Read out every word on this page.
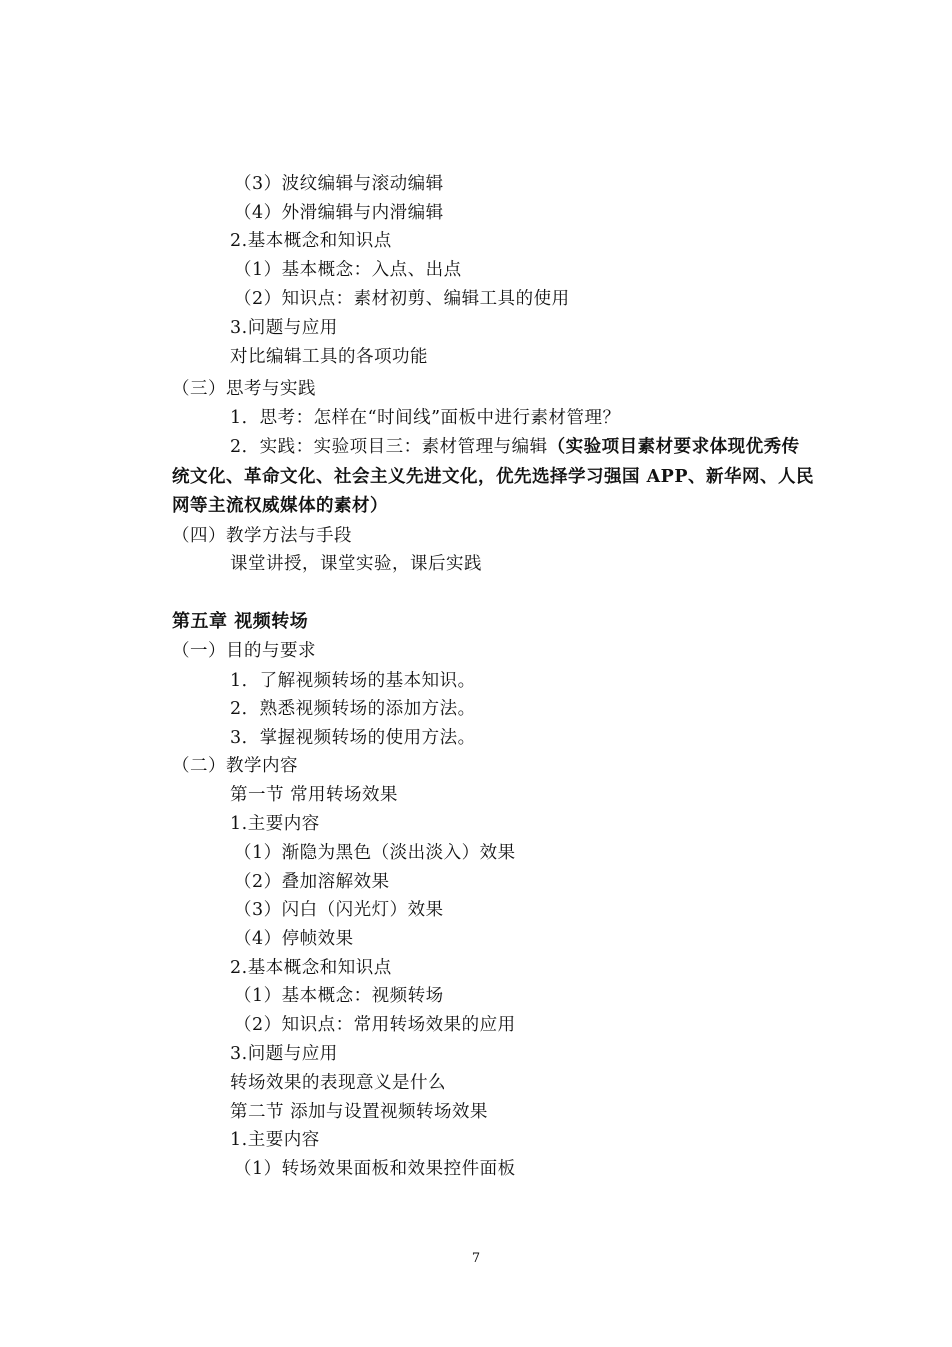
（3）波纹编辑与滚动编辑
（4）外滑编辑与内滑编辑
2.基本概念和知识点
（1）基本概念：入点、出点
（2）知识点：素材初剪、编辑工具的使用
3.问题与应用
对比编辑工具的各项功能
（三）思考与实践
1．思考：怎样在“时间线”面板中进行素材管理？
2．实践：实验项目三：素材管理与编辑（实验项目素材要求体现优秀传
统文化、革命文化、社会主义先进文化，优先选择学习强国 APP、新华网、人民
网等主流权威媒体的素材）
（四）教学方法与手段
课堂讲授，课堂实验，课后实践
第五章 视频转场
（一）目的与要求
1．了解视频转场的基本知识。
2．熟悉视频转场的添加方法。
3．掌握视频转场的使用方法。
（二）教学内容
第一节 常用转场效果
1.主要内容
（1）渐隐为黑色（淡出淡入）效果
（2）叠加溶解效果
（3）闪白（闪光灯）效果
（4）停帧效果
2.基本概念和知识点
（1）基本概念：视频转场
（2）知识点：常用转场效果的应用
3.问题与应用
转场效果的表现意义是什么
第二节 添加与设置视频转场效果
1.主要内容
（1）转场效果面板和效果控件面板
7
